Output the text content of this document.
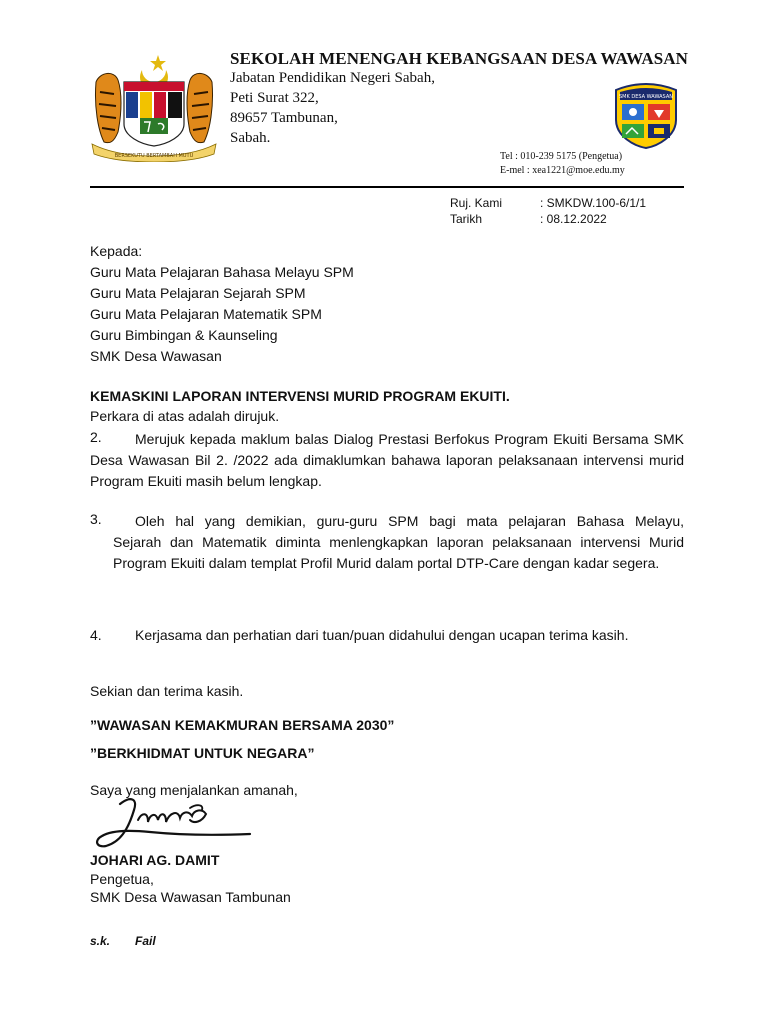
BERSEKUTU BERTAMBAH MUTU
SMK DESA WAWASAN
SEKOLAH MENENGAH KEBANGSAAN DESA WAWASAN
Jabatan Pendidikan Negeri Sabah,
Peti Surat 322,
89657 Tambunan,
Sabah.
Tel : 010-239 5175 (Pengetua)
E-mel : xea1221@moe.edu.my
Ruj. Kami	: SMKDW.100-6/1/1
Tarikh	: 08.12.2022
Kepada:
Guru Mata Pelajaran Bahasa Melayu SPM
Guru Mata Pelajaran Sejarah SPM
Guru Mata Pelajaran Matematik SPM
Guru Bimbingan & Kaunseling
SMK Desa Wawasan
KEMASKINI LAPORAN INTERVENSI MURID PROGRAM EKUITI.
Perkara di atas adalah dirujuk.
2.	Merujuk kepada maklum balas Dialog Prestasi Berfokus Program Ekuiti Bersama SMK Desa Wawasan Bil 2. /2022 ada dimaklumkan bahawa laporan pelaksanaan intervensi murid Program Ekuiti masih belum lengkap.
3.	Oleh hal yang demikian, guru-guru SPM bagi mata pelajaran Bahasa Melayu,
Sejarah dan Matematik diminta menlengkapkan laporan pelaksanaan intervensi Murid Program Ekuiti dalam templat Profil Murid dalam portal DTP-Care dengan kadar segera.
4. Kerjasama dan perhatian dari tuan/puan didahului dengan ucapan terima kasih.
Sekian dan terima kasih.
”WAWASAN KEMAKMURAN BERSAMA 2030”
”BERKHIDMAT UNTUK NEGARA”
Saya yang menjalankan amanah,
JOHARI AG. DAMIT
Pengetua,
SMK Desa Wawasan Tambunan
s.k. Fail
